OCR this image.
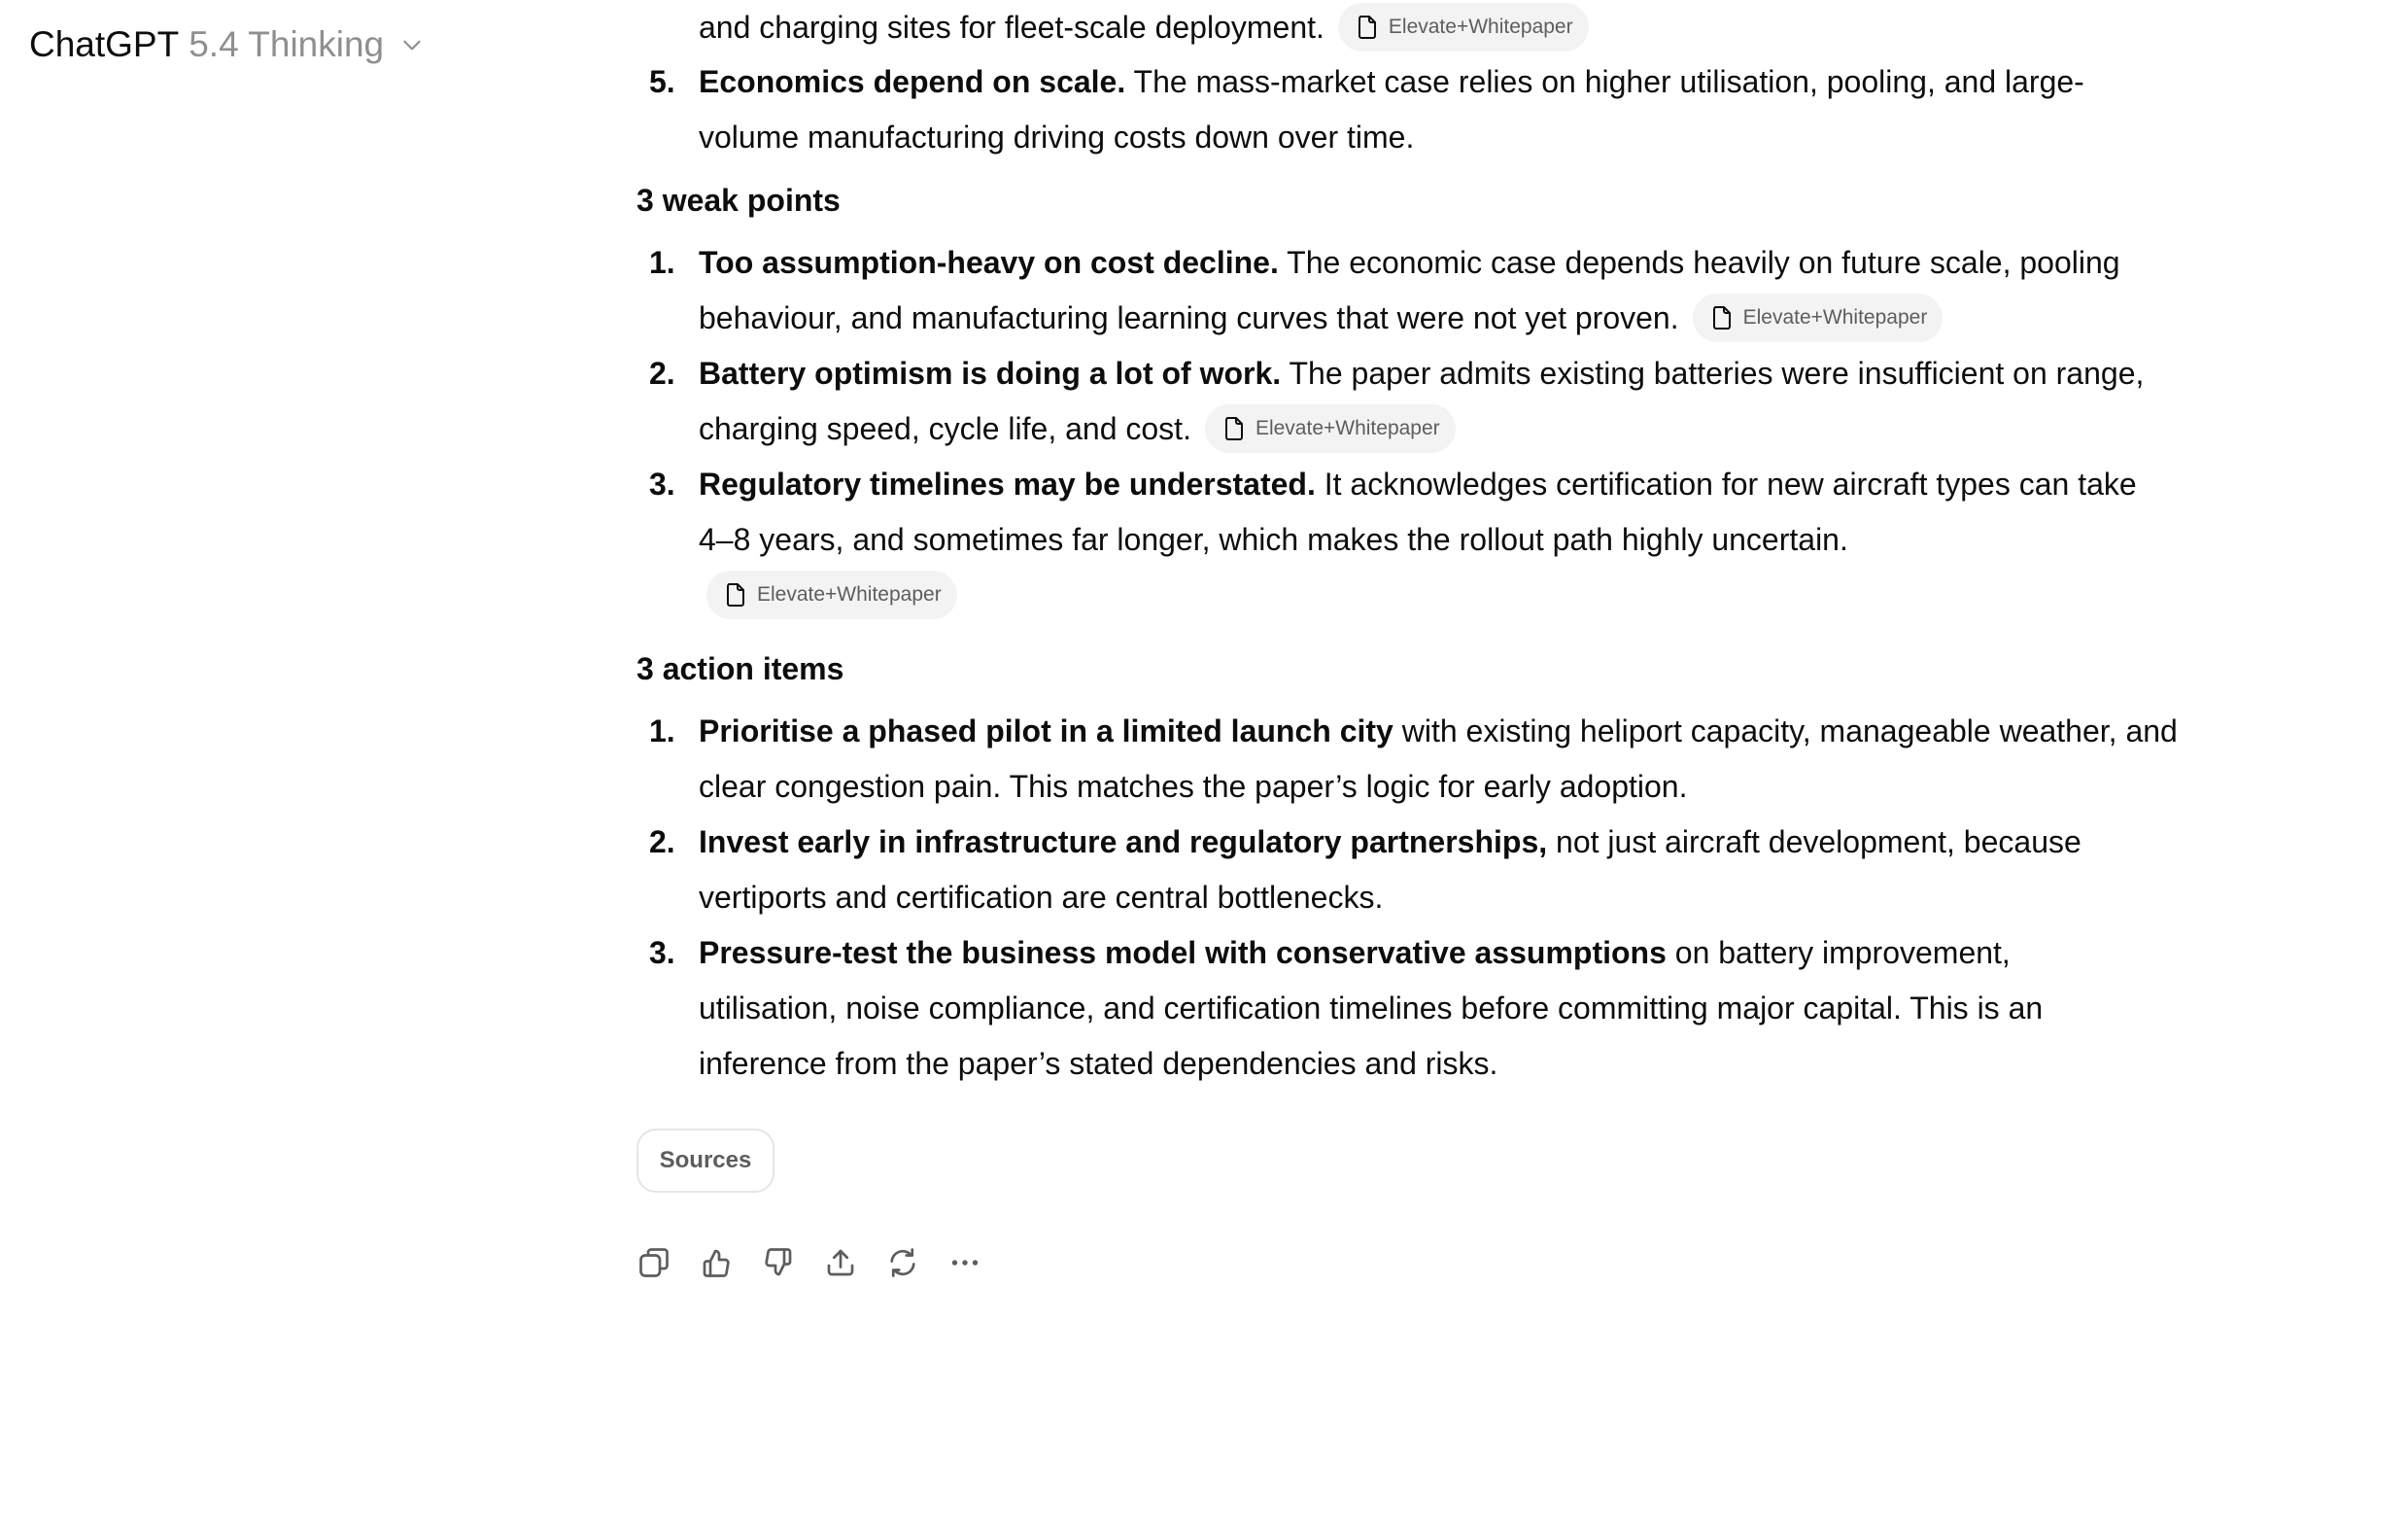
ChatGPT 5.4 Thinking	and charging sites for fleet-scale deployment.	Elevate+Whitepaper
5. Economics depend on scale. The mass-market case relies on higher utilisation, pooling, and large-volume manufacturing driving costs down over time.
3 weak points
1. Too assumption-heavy on cost decline. The economic case depends heavily on future scale, pooling behaviour, and manufacturing learning curves that were not yet proven.	Elevate+Whitepaper
2. Battery optimism is doing a lot of work. The paper admits existing batteries were insufficient on range, charging speed, cycle life, and cost.	Elevate+Whitepaper
3. Regulatory timelines may be understated. It acknowledges certification for new aircraft types can take 4–8 years, and sometimes far longer, which makes the rollout path highly uncertain.
Elevate+Whitepaper
3 action items
1. Prioritise a phased pilot in a limited launch city with existing heliport capacity, manageable weather, and clear congestion pain. This matches the paper’s logic for early adoption.
2. Invest early in infrastructure and regulatory partnerships, not just aircraft development, because vertiports and certification are central bottlenecks.
3. Pressure-test the business model with conservative assumptions on battery improvement, utilisation, noise compliance, and certification timelines before committing major capital. This is an inference from the paper’s stated dependencies and risks.
Sources
